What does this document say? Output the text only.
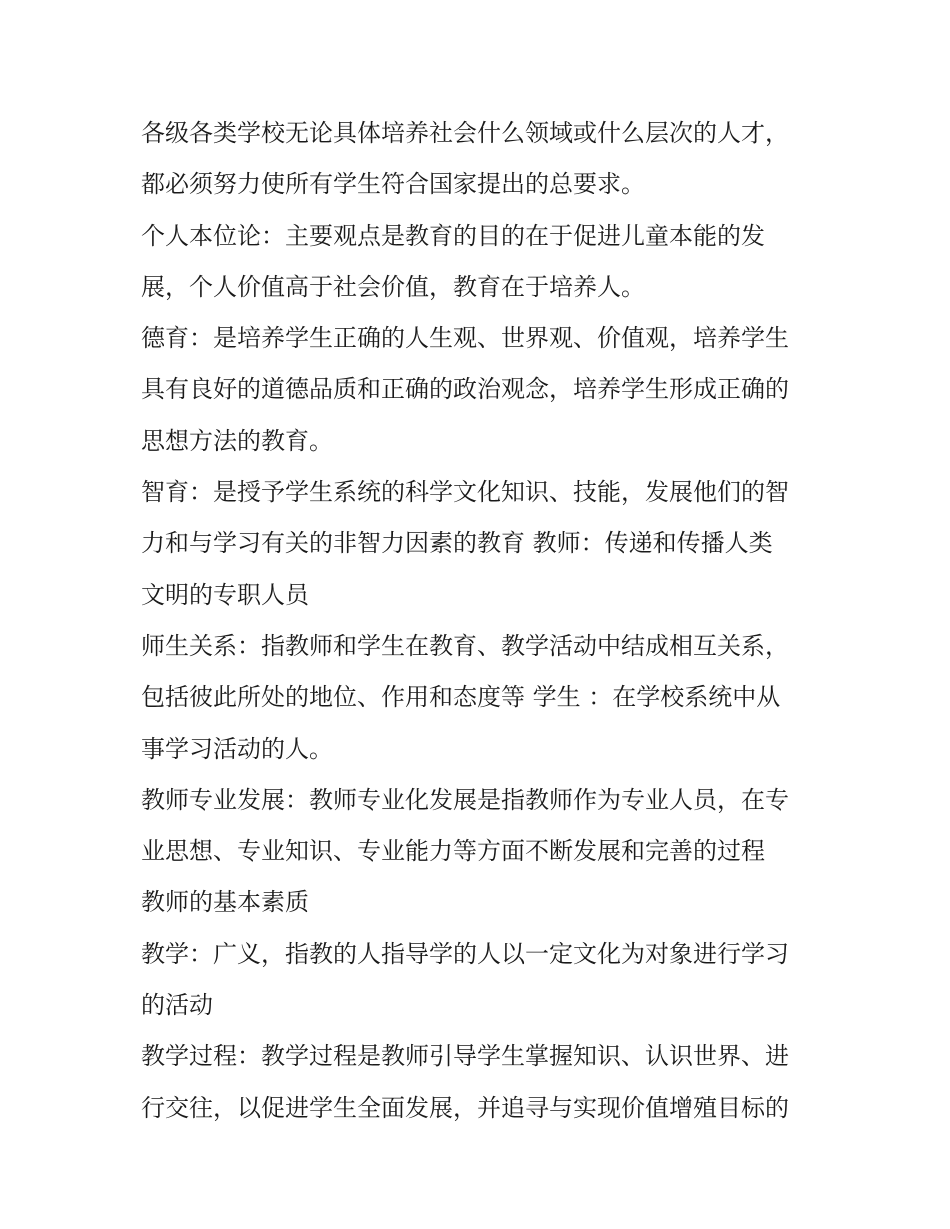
各级各类学校无论具体培养社会什么领域或什么层次的人才，
都必须努力使所有学生符合国家提出的总要求。
个人本位论：主要观点是教育的目的在于促进儿童本能的发
展，个人价值高于社会价值，教育在于培养人。
德育：是培养学生正确的人生观、世界观、价值观，培养学生
具有良好的道德品质和正确的政治观念，培养学生形成正确的
思想方法的教育。
智育：是授予学生系统的科学文化知识、技能，发展他们的智
力和与学习有关的非智力因素的教育 教师：传递和传播人类
文明的专职人员
师生关系：指教师和学生在教育、教学活动中结成相互关系，
包括彼此所处的地位、作用和态度等 学生 ：在学校系统中从
事学习活动的人。
教师专业发展：教师专业化发展是指教师作为专业人员，在专
业思想、专业知识、专业能力等方面不断发展和完善的过程
教师的基本素质
教学：广义，指教的人指导学的人以一定文化为对象进行学习
的活动
教学过程：教学过程是教师引导学生掌握知识、认识世界、进
行交往，以促进学生全面发展，并追寻与实现价值增殖目标的
